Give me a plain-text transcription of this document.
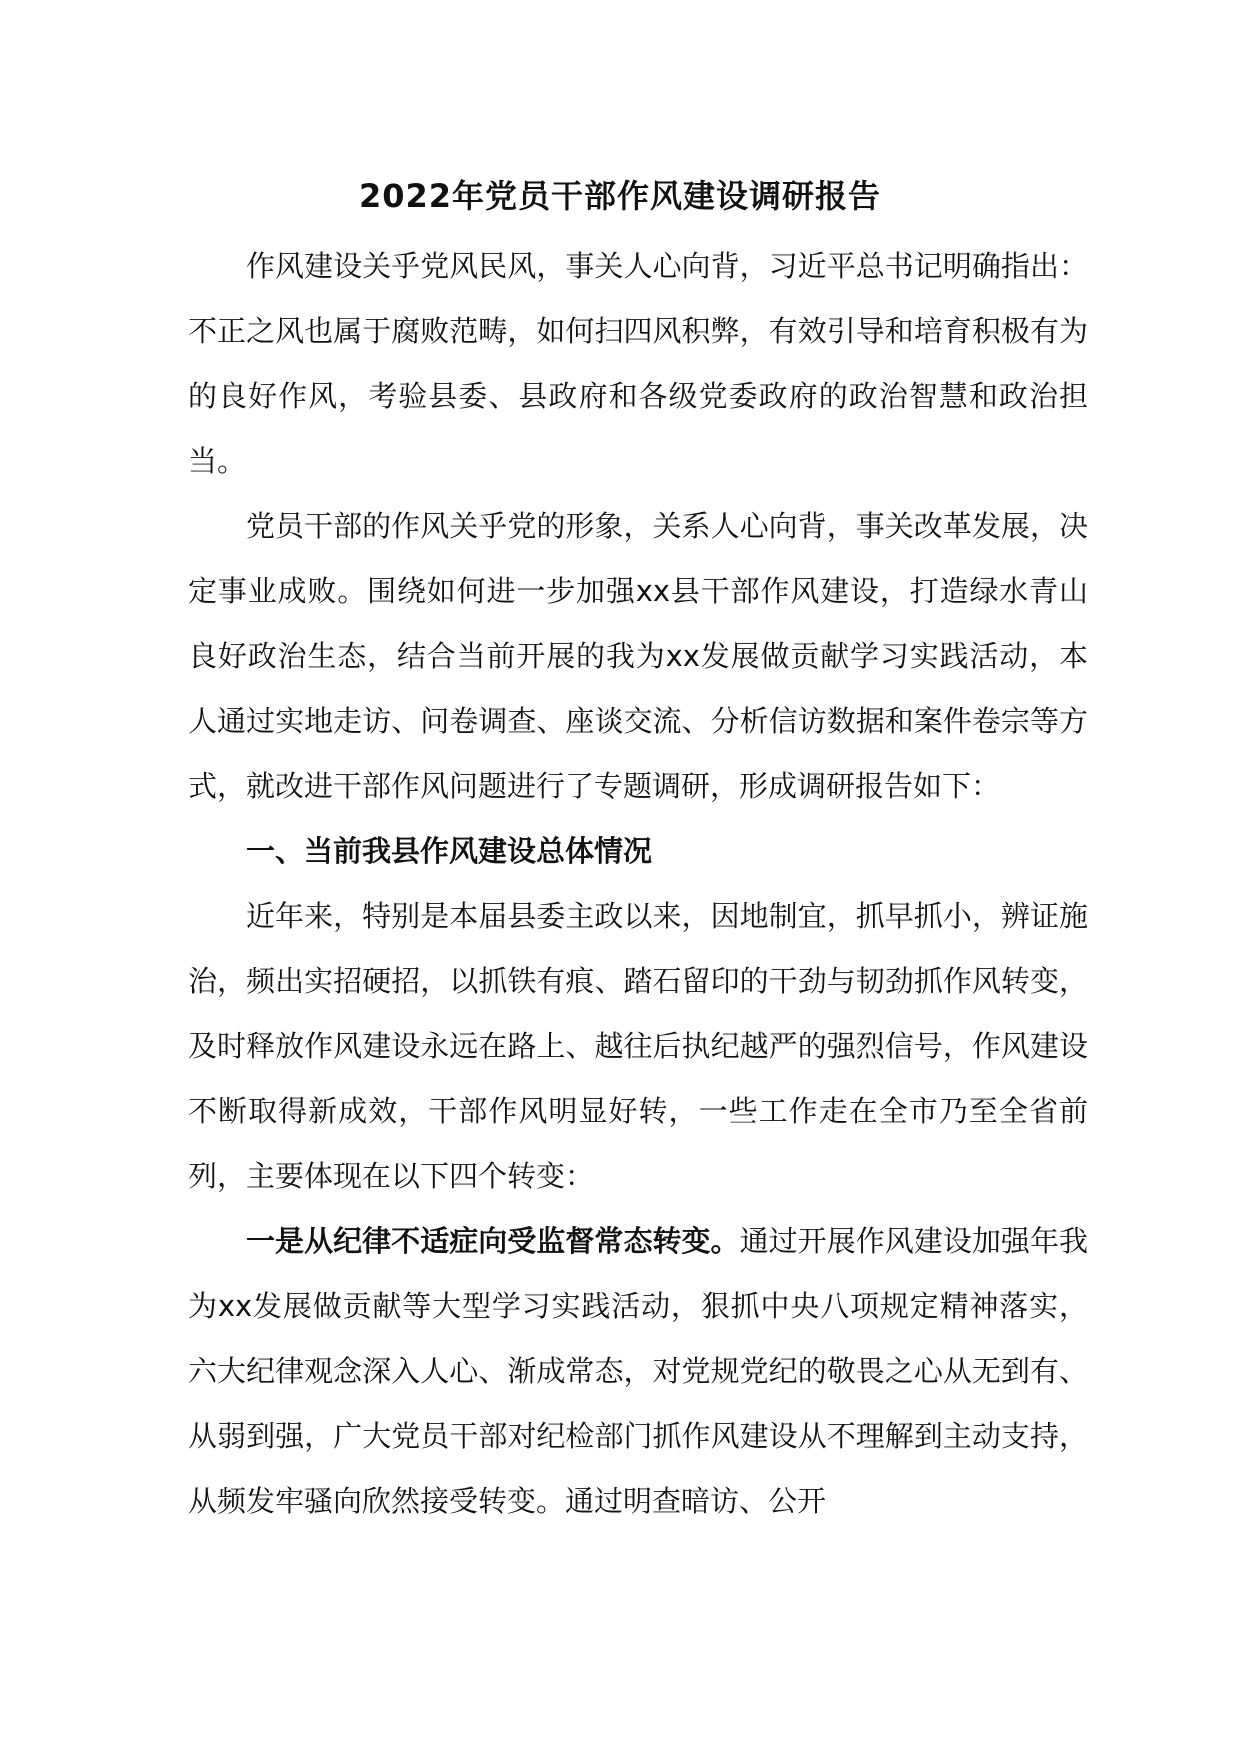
2022年党员干部作风建设调研报告

作风建设关乎党风民风，事关人心向背，习近平总书记明确指出：不正之风也属于腐败范畴，如何扫四风积弊，有效引导和培育积极有为的良好作风，考验县委、县政府和各级党委政府的政治智慧和政治担当。

党员干部的作风关乎党的形象，关系人心向背，事关改革发展，决定事业成败。围绕如何进一步加强xx县干部作风建设，打造绿水青山良好政治生态，结合当前开展的我为xx发展做贡献学习实践活动，本人通过实地走访、问卷调查、座谈交流、分析信访数据和案件卷宗等方式，就改进干部作风问题进行了专题调研，形成调研报告如下：

一、当前我县作风建设总体情况

近年来，特别是本届县委主政以来，因地制宜，抓早抓小，辨证施治，频出实招硬招，以抓铁有痕、踏石留印的干劲与韧劲抓作风转变，及时释放作风建设永远在路上、越往后执纪越严的强烈信号，作风建设不断取得新成效，干部作风明显好转，一些工作走在全市乃至全省前列，主要体现在以下四个转变：

一是从纪律不适症向受监督常态转变。通过开展作风建设加强年我为xx发展做贡献等大型学习实践活动，狠抓中央八项规定精神落实，六大纪律观念深入人心、渐成常态，对党规党纪的敬畏之心从无到有、从弱到强，广大党员干部对纪检部门抓作风建设从不理解到主动支持，从频发牢骚向欣然接受转变。通过明查暗访、公开
